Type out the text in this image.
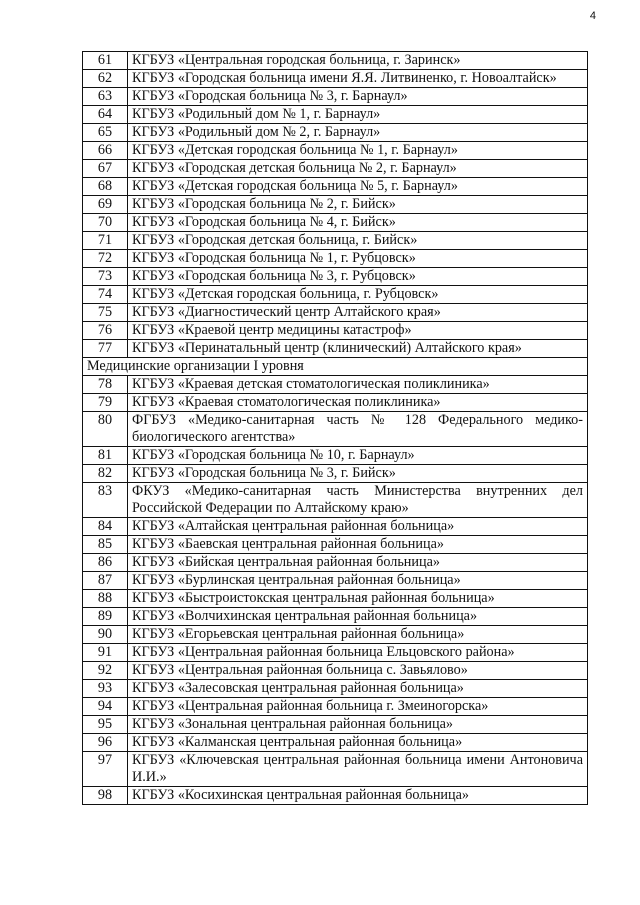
4
61	КГБУЗ «Центральная городская больница, г. Заринск»
62	КГБУЗ «Городская больница имени Я.Я. Литвиненко, г. Новоалтайск»
63	КГБУЗ «Городская больница № 3, г. Барнаул»
64	КГБУЗ «Родильный дом № 1, г. Барнаул»
65	КГБУЗ «Родильный дом № 2, г. Барнаул»
66	КГБУЗ «Детская городская больница № 1, г. Барнаул»
67	КГБУЗ «Городская детская больница № 2, г. Барнаул»
68	КГБУЗ «Детская городская больница № 5, г. Барнаул»
69	КГБУЗ «Городская больница № 2, г. Бийск»
70	КГБУЗ «Городская больница № 4, г. Бийск»
71	КГБУЗ «Городская детская больница, г. Бийск»
72	КГБУЗ «Городская больница № 1, г. Рубцовск»
73	КГБУЗ «Городская больница № 3, г. Рубцовск»
74	КГБУЗ «Детская городская больница, г. Рубцовск»
75	КГБУЗ «Диагностический центр Алтайского края»
76	КГБУЗ «Краевой центр медицины катастроф»
77	КГБУЗ «Перинатальный центр (клинический) Алтайского края»
Медицинские организации I уровня	
78	КГБУЗ «Краевая детская стоматологическая поликлиника»
79	КГБУЗ «Краевая стоматологическая поликлиника»
80	ФГБУЗ «Медико-санитарная часть № 128 Федерального медико-биологического агентства»
81	КГБУЗ «Городская больница № 10, г. Барнаул»
82	КГБУЗ «Городская больница № 3, г. Бийск»
83	ФКУЗ «Медико-санитарная часть Министерства внутренних дел Российской Федерации по Алтайскому краю»
84	КГБУЗ «Алтайская центральная районная больница»
85	КГБУЗ «Баевская центральная районная больница»
86	КГБУЗ «Бийская центральная районная больница»
87	КГБУЗ «Бурлинская центральная районная больница»
88	КГБУЗ «Быстроистокская центральная районная больница»
89	КГБУЗ «Волчихинская центральная районная больница»
90	КГБУЗ «Егорьевская центральная районная больница»
91	КГБУЗ «Центральная районная больница Ельцовского района»
92	КГБУЗ «Центральная районная больница с. Завьялово»
93	КГБУЗ «Залесовская центральная районная больница»
94	КГБУЗ «Центральная районная больница г. Змеиногорска»
95	КГБУЗ «Зональная центральная районная больница»
96	КГБУЗ «Калманская центральная районная больница»
97	КГБУЗ «Ключевская центральная районная больница имени Антоновича И.И.»
98	КГБУЗ «Косихинская центральная районная больница»
